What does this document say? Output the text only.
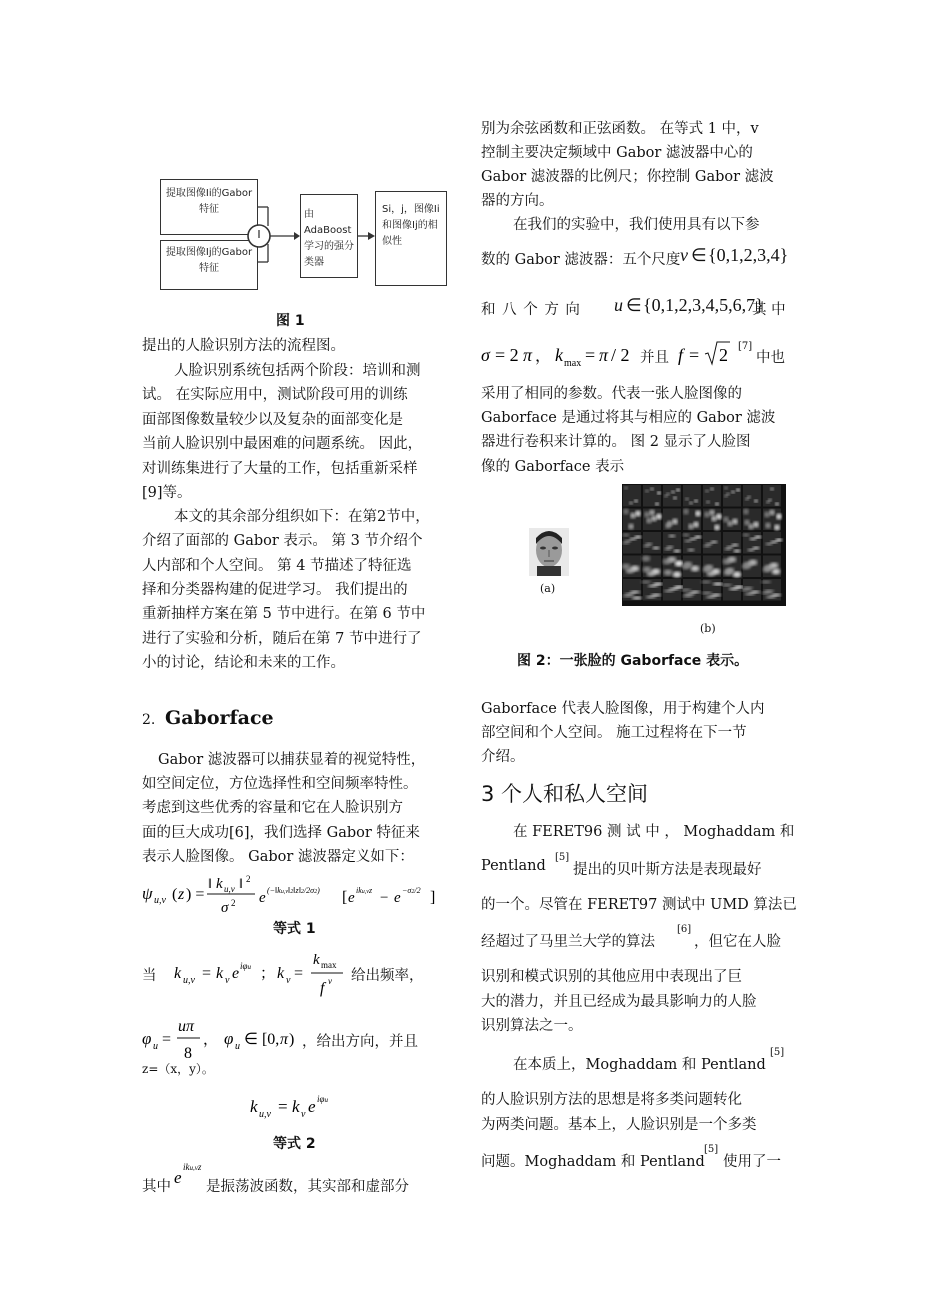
提取图像Ii的Gabor特征
提取图像Ij的Gabor特征
I
由AdaBoost学习的强分类器
Si，j，图像Ii和图像Ij的相似性
图 1
提出的人脸识别方法的流程图。
人脸识别系统包括两个阶段：培训和测
试。 在实际应用中，测试阶段可用的训练
面部图像数量较少以及复杂的面部变化是
当前人脸识别中最困难的问题系统。 因此，
对训练集进行了大量的工作，包括重新采样
[9]等。
本文的其余部分组织如下：在第2节中，
介绍了面部的 Gabor 表示。 第 3 节介绍个
人内部和个人空间。 第 4 节描述了特征选
择和分类器构建的促进学习。 我们提出的
重新抽样方案在第 5 节中进行。在第 6 节中
进行了实验和分析，随后在第 7 节中进行了
小的讨论，结论和未来的工作。
2. Gaborface
Gabor 滤波器可以捕获显着的视觉特性，
如空间定位，方位选择性和空间频率特性。
考虑到这些优秀的容量和它在人脸识别方
面的巨大成功[6]，我们选择 Gabor 特征来
表示人脸图像。 Gabor 滤波器定义如下：
ψ u,v ( z ) =
‖ k u,v ‖ 2
σ 2 e (−‖ku,v‖2‖z‖2/2σ2) [ e iku,vz − e −σ2/2 ]
等式 1
当 k u,v = k v e iφu ； k v =
k max
f v 给出频率，
φ u =
uπ
8
， φ u ∈ [0, π ) ，给出方向，并且
z=（x，y）。
k u,v = k v e iφu
等式 2
其中 e
iku,vz
是振荡波函数，其实部和虚部分
别为余弦函数和正弦函数。 在等式 1 中，v
控制主要决定频域中 Gabor 滤波器中心的
Gabor 滤波器的比例尺；你控制 Gabor 滤波
器的方向。
在我们的实验中，我们使用具有以下参
数的 Gabor 滤波器：五个尺度 v ∈ {0,1,2,3,4}
和 八 个 方 向 u ∈ {0,1,2,3,4,5,6,7}
其 中
σ = 2 π ， k max = π / 2 并且 f = 2 [7]
中也
采用了相同的参数。代表一张人脸图像的
Gaborface 是通过将其与相应的 Gabor 滤波
器进行卷积来计算的。 图 2 显示了人脸图
像的 Gaborface 表示
(a)
(b)
图 2：一张脸的 Gaborface 表示。
Gaborface 代表人脸图像，用于构建个人内
部空间和个人空间。 施工过程将在下一节
介绍。
3 个人和私人空间
在 FERET96 测 试 中 ， Moghaddam 和
Pentland
[5]
提出的贝叶斯方法是表现最好
的一个。尽管在 FERET97 测试中 UMD 算法已
经超过了马里兰大学的算法
[6]
，但它在人脸
识别和模式识别的其他应用中表现出了巨
大的潜力，并且已经成为最具影响力的人脸
识别算法之一。
在本质上，Moghaddam 和 Pentland
[5]
的人脸识别方法的思想是将多类问题转化
为两类问题。基本上，人脸识别是一个多类
问题。Moghaddam 和 Pentland
[5]
使用了一
